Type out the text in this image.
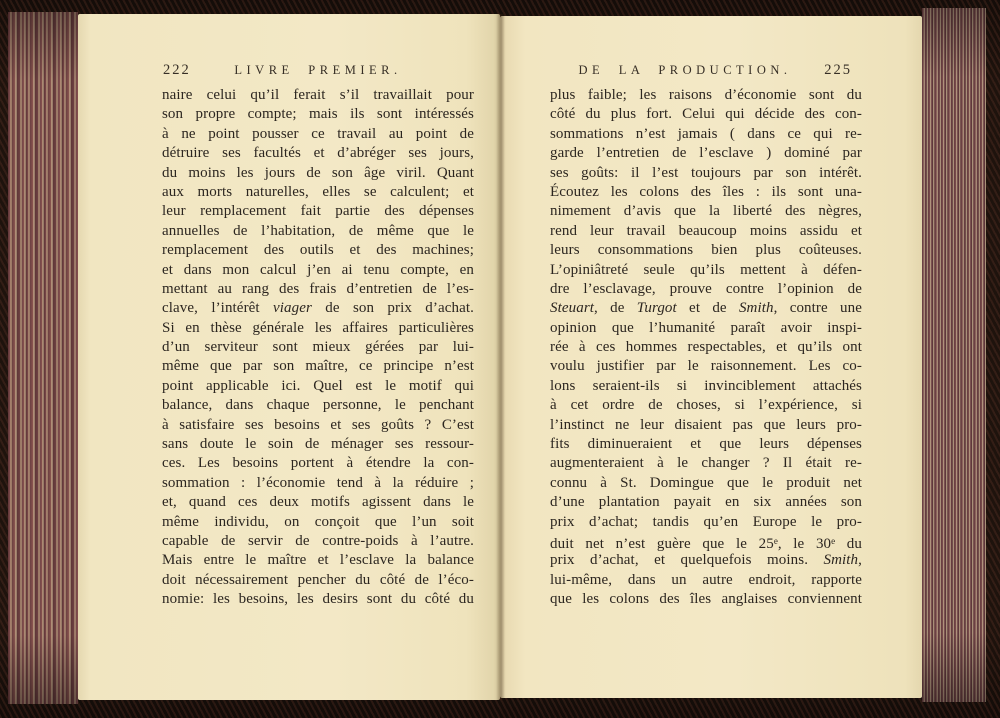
222	LIVRE PREMIER.
naire celui qu’il ferait s’il travaillait pour
son propre compte; mais ils sont intéressés
à ne point pousser ce travail au point de
détruire ses facultés et d’abréger ses jours,
du moins les jours de son âge viril. Quant
aux morts naturelles, elles se calculent; et
leur remplacement fait partie des dépenses
annuelles de l’habitation, de même que le
remplacement des outils et des machines;
et dans mon calcul j’en ai tenu compte, en
mettant au rang des frais d’entretien de l’es-
clave, l’intérêt viager de son prix d’achat.
Si en thèse générale les affaires particulières
d’un serviteur sont mieux gérées par lui-
même que par son maître, ce principe n’est
point applicable ici. Quel est le motif qui
balance, dans chaque personne, le penchant
à satisfaire ses besoins et ses goûts ? C’est
sans doute le soin de ménager ses ressour-
ces. Les besoins portent à étendre la con-
sommation : l’économie tend à la réduire ;
et, quand ces deux motifs agissent dans le
même individu, on conçoit que l’un soit
capable de servir de contre-poids à l’autre.
Mais entre le maître et l’esclave la balance
doit nécessairement pencher du côté de l’éco-
nomie: les besoins, les desirs sont du côté du
DE LA PRODUCTION.	225
plus faible; les raisons d’économie sont du
côté du plus fort. Celui qui décide des con-
sommations n’est jamais ( dans ce qui re-
garde l’entretien de l’esclave ) dominé par
ses goûts: il l’est toujours par son intérêt.
Écoutez les colons des îles : ils sont una-
nimement d’avis que la liberté des nègres,
rend leur travail beaucoup moins assidu et
leurs consommations bien plus coûteuses.
L’opiniâtreté seule qu’ils mettent à défen-
dre l’esclavage, prouve contre l’opinion de
Steuart, de Turgot et de Smith, contre une
opinion que l’humanité paraît avoir inspi-
rée à ces hommes respectables, et qu’ils ont
voulu justifier par le raisonnement. Les co-
lons seraient-ils si invinciblement attachés
à cet ordre de choses, si l’expérience, si
l’instinct ne leur disaient pas que leurs pro-
fits diminueraient et que leurs dépenses
augmenteraient à le changer ? Il était re-
connu à St. Domingue que le produit net
d’une plantation payait en six années son
prix d’achat; tandis qu’en Europe le pro-
duit net n’est guère que le 25e, le 30e du
prix d’achat, et quelquefois moins. Smith,
lui-même, dans un autre endroit, rapporte
que les colons des îles anglaises conviennent
